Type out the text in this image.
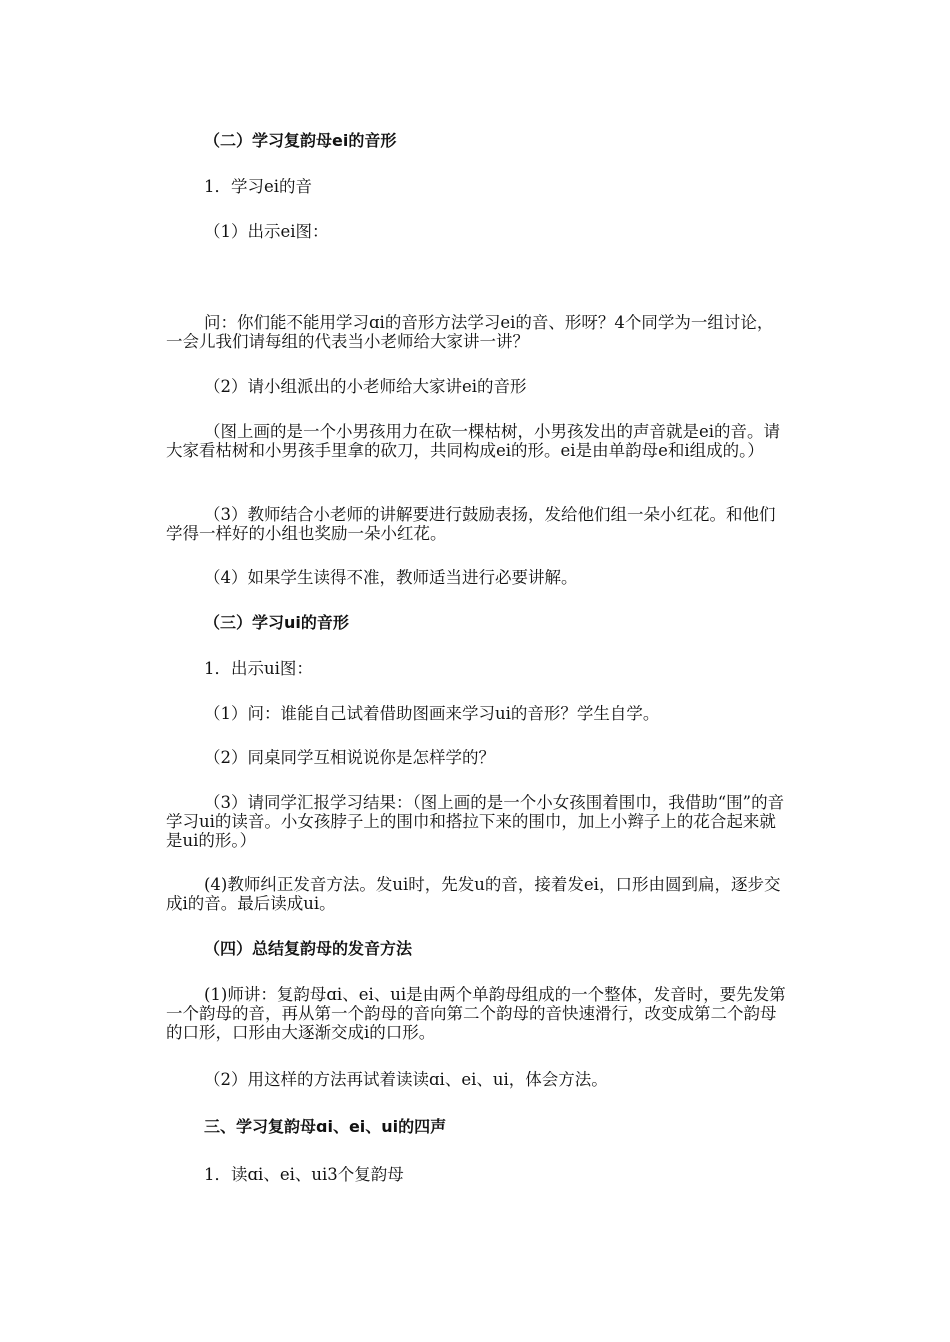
（二）学习复韵母ei的音形

1．学习ei的音

（1）出示ei图：

问：你们能不能用学习ɑi的音形方法学习ei的音、形呀？4个同学为一组讨论，一会儿我们请每组的代表当小老师给大家讲一讲？

（2）请小组派出的小老师给大家讲ei的音形

（图上画的是一个小男孩用力在砍一棵枯树，小男孩发出的声音就是ei的音。请大家看枯树和小男孩手里拿的砍刀，共同构成ei的形。ei是由单韵母e和i组成的。）

（3）教师结合小老师的讲解要进行鼓励表扬，发给他们组一朵小红花。和他们学得一样好的小组也奖励一朵小红花。

（4）如果学生读得不准，教师适当进行必要讲解。

（三）学习ui的音形

1．出示ui图：

（1）问：谁能自己试着借助图画来学习ui的音形？学生自学。

（2）同桌同学互相说说你是怎样学的？

（3）请同学汇报学习结果：（图上画的是一个小女孩围着围巾，我借助“围”的音学习ui的读音。小女孩脖子上的围巾和搭拉下来的围巾，加上小辫子上的花合起来就是ui的形。）

(4)教师纠正发音方法。发ui时，先发u的音，接着发ei，口形由圆到扁，逐步交成i的音。最后读成ui。

（四）总结复韵母的发音方法

(1)师讲：复韵母ɑi、ei、ui是由两个单韵母组成的一个整体，发音时，要先发第一个韵母的音，再从第一个韵母的音向第二个韵母的音快速滑行，改变成第二个韵母的口形，口形由大逐渐交成i的口形。

（2）用这样的方法再试着读读ɑi、ei、ui，体会方法。

三、学习复韵母ɑi、ei、ui的四声

1．读ɑi、ei、ui3个复韵母
